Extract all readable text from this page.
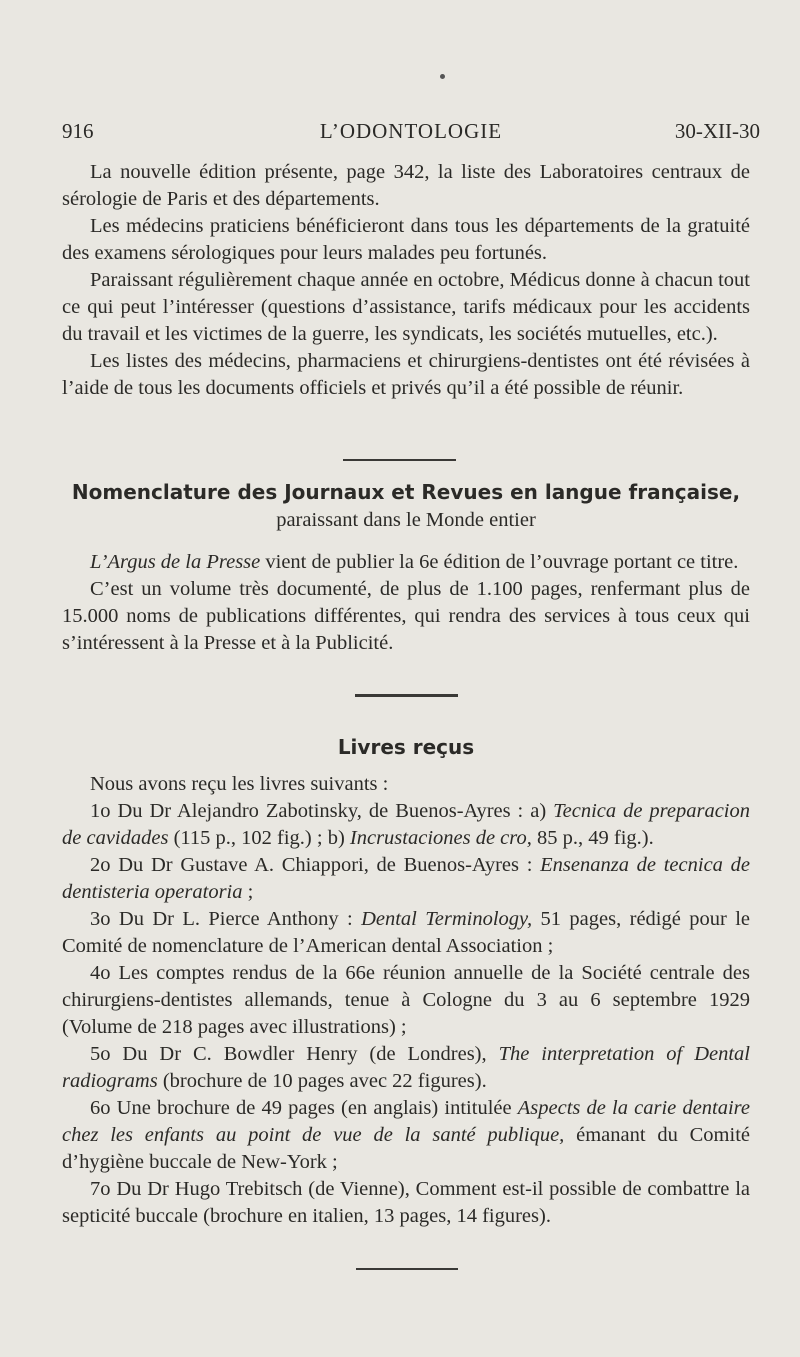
916	L’ODONTOLOGIE	30-XII-30

La nouvelle édition présente, page 342, la liste des Laboratoires centraux de sérologie de Paris et des départements.

Les médecins praticiens bénéficieront dans tous les départements de la gratuité des examens sérologiques pour leurs malades peu fortunés.

Paraissant régulièrement chaque année en octobre, Médicus donne à chacun tout ce qui peut l’intéresser (questions d’assistance, tarifs médicaux pour les accidents du travail et les victimes de la guerre, les syndicats, les sociétés mutuelles, etc.).

Les listes des médecins, pharmaciens et chirurgiens-dentistes ont été révisées à l’aide de tous les documents officiels et privés qu’il a été possible de réunir.

Nomenclature des Journaux et Revues en langue française,
paraissant dans le Monde entier

L’Argus de la Presse vient de publier la 6e édition de l’ouvrage portant ce titre.

C’est un volume très documenté, de plus de 1.100 pages, renfermant plus de 15.000 noms de publications différentes, qui rendra des services à tous ceux qui s’intéressent à la Presse et à la Publicité.

Livres reçus

Nous avons reçu les livres suivants :

1o Du Dr Alejandro Zabotinsky, de Buenos-Ayres : a) Tecnica de preparacion de cavidades (115 p., 102 fig.) ; b) Incrustaciones de cro, 85 p., 49 fig.).

2o Du Dr Gustave A. Chiappori, de Buenos-Ayres : Ensenanza de tecnica de dentisteria operatoria ;

3o Du Dr L. Pierce Anthony : Dental Terminology, 51 pages, rédigé pour le Comité de nomenclature de l’American dental Association ;

4o Les comptes rendus de la 66e réunion annuelle de la Société centrale des chirurgiens-dentistes allemands, tenue à Cologne du 3 au 6 septembre 1929 (Volume de 218 pages avec illustrations) ;

5o Du Dr C. Bowdler Henry (de Londres), The interpretation of Dental radiograms (brochure de 10 pages avec 22 figures).

6o Une brochure de 49 pages (en anglais) intitulée Aspects de la carie dentaire chez les enfants au point de vue de la santé publique, émanant du Comité d’hygiène buccale de New-York ;

7o Du Dr Hugo Trebitsch (de Vienne), Comment est-il possible de combattre la septicité buccale (brochure en italien, 13 pages, 14 figures).
